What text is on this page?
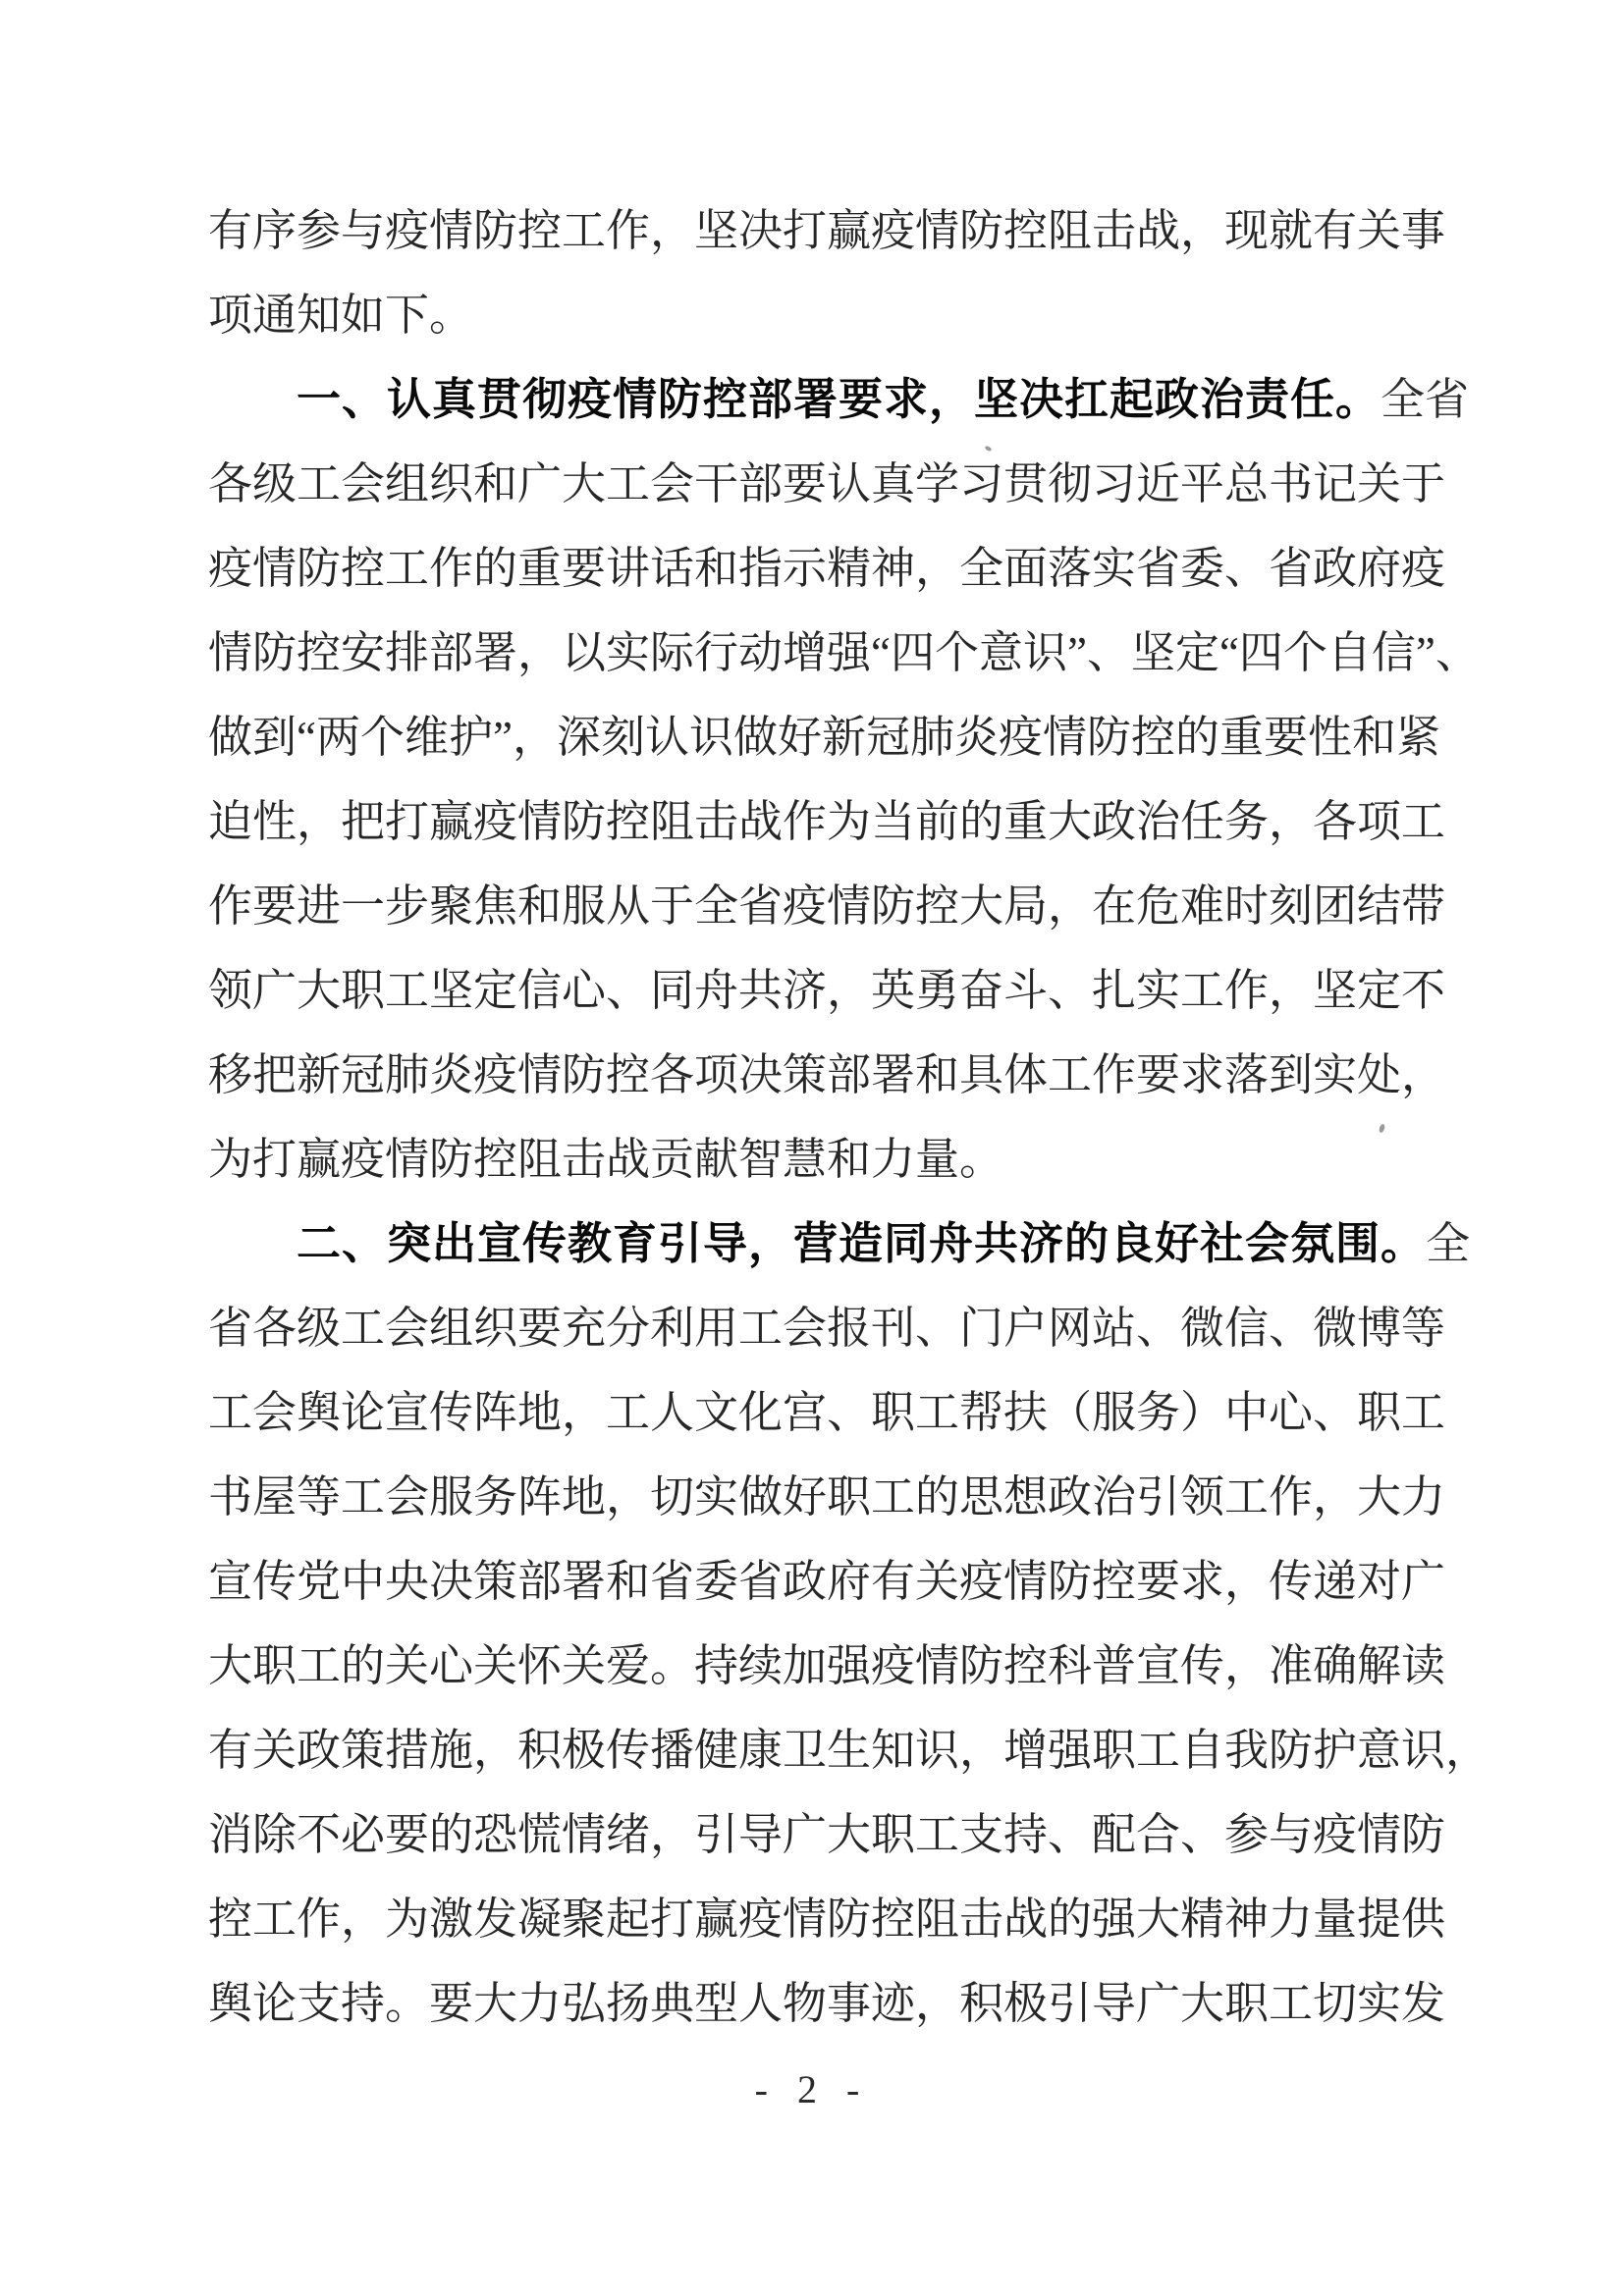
有序参与疫情防控工作，坚决打赢疫情防控阻击战，现就有关事
项通知如下。
一、认真贯彻疫情防控部署要求，坚决扛起政治责任。全省
各级工会组织和广大工会干部要认真学习贯彻习近平总书记关于
疫情防控工作的重要讲话和指示精神，全面落实省委、省政府疫
情防控安排部署，以实际行动增强“四个意识”、坚定“四个自信”、
做到“两个维护”，深刻认识做好新冠肺炎疫情防控的重要性和紧
迫性，把打赢疫情防控阻击战作为当前的重大政治任务，各项工
作要进一步聚焦和服从于全省疫情防控大局，在危难时刻团结带
领广大职工坚定信心、同舟共济，英勇奋斗、扎实工作，坚定不
移把新冠肺炎疫情防控各项决策部署和具体工作要求落到实处，
为打赢疫情防控阻击战贡献智慧和力量。
二、突出宣传教育引导，营造同舟共济的良好社会氛围。全
省各级工会组织要充分利用工会报刊、门户网站、微信、微博等
工会舆论宣传阵地，工人文化宫、职工帮扶（服务）中心、职工
书屋等工会服务阵地，切实做好职工的思想政治引领工作，大力
宣传党中央决策部署和省委省政府有关疫情防控要求，传递对广
大职工的关心关怀关爱。持续加强疫情防控科普宣传，准确解读
有关政策措施，积极传播健康卫生知识，增强职工自我防护意识，
消除不必要的恐慌情绪，引导广大职工支持、配合、参与疫情防
控工作，为激发凝聚起打赢疫情防控阻击战的强大精神力量提供
舆论支持。要大力弘扬典型人物事迹，积极引导广大职工切实发
- 2 -
